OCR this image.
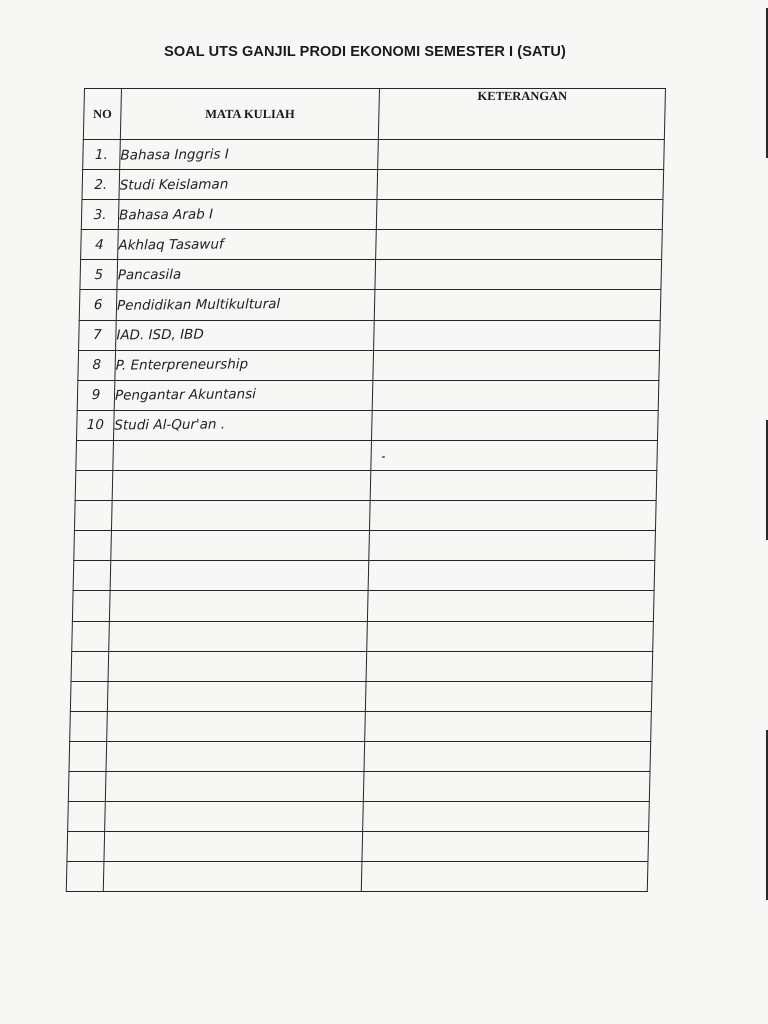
SOAL UTS GANJIL PRODI EKONOMI SEMESTER I (SATU)
NO	MATA KULIAH	KETERANGAN
1.	Bahasa Inggris I	
2.	Studi Keislaman	
3.	Bahasa Arab I	
4	Akhlaq Tasawuf	
5	Pancasila	
6	Pendidikan Multikultural	
7	IAD. ISD, IBD	
8	P. Enterpreneurship	
9	Pengantar Akuntansi	
10	Studi Al-Qur'an .	
